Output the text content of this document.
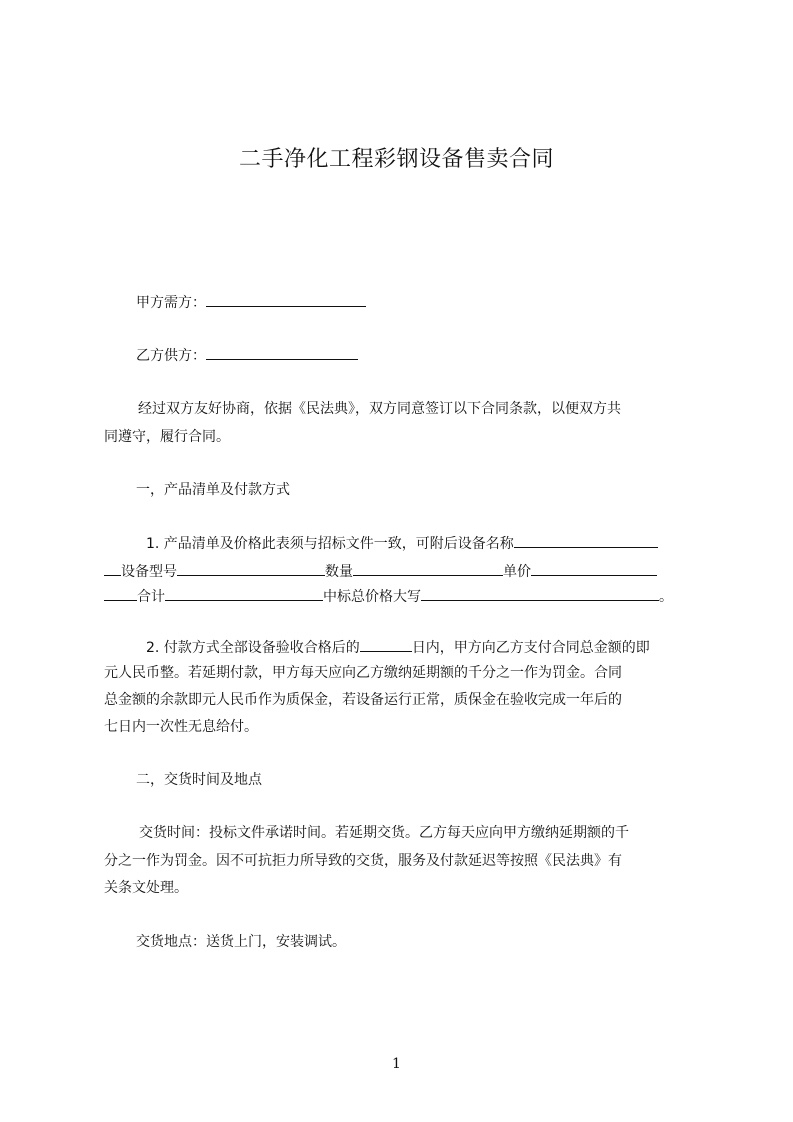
二手净化工程彩钢设备售卖合同
甲方需方：
乙方供方：
经过双方友好协商，依据《民法典》，双方同意签订以下合同条款，以便双方共
同遵守，履行合同。
一，产品清单及付款方式
1. 产品清单及价格此表须与招标文件一致，可附后设备名称
设备型号	数量	单价
合计	中标总价格大写	。
2. 付款方式全部设备验收合格后的	日内，甲方向乙方支付合同总金额的即
元人民币整。若延期付款，甲方每天应向乙方缴纳延期额的千分之一作为罚金。合同
总金额的余款即元人民币作为质保金，若设备运行正常，质保金在验收完成一年后的
七日内一次性无息给付。
二，交货时间及地点
交货时间：投标文件承诺时间。若延期交货。乙方每天应向甲方缴纳延期额的千
分之一作为罚金。因不可抗拒力所导致的交货，服务及付款延迟等按照《民法典》有
关条文处理。
交货地点：送货上门，安装调试。
1
